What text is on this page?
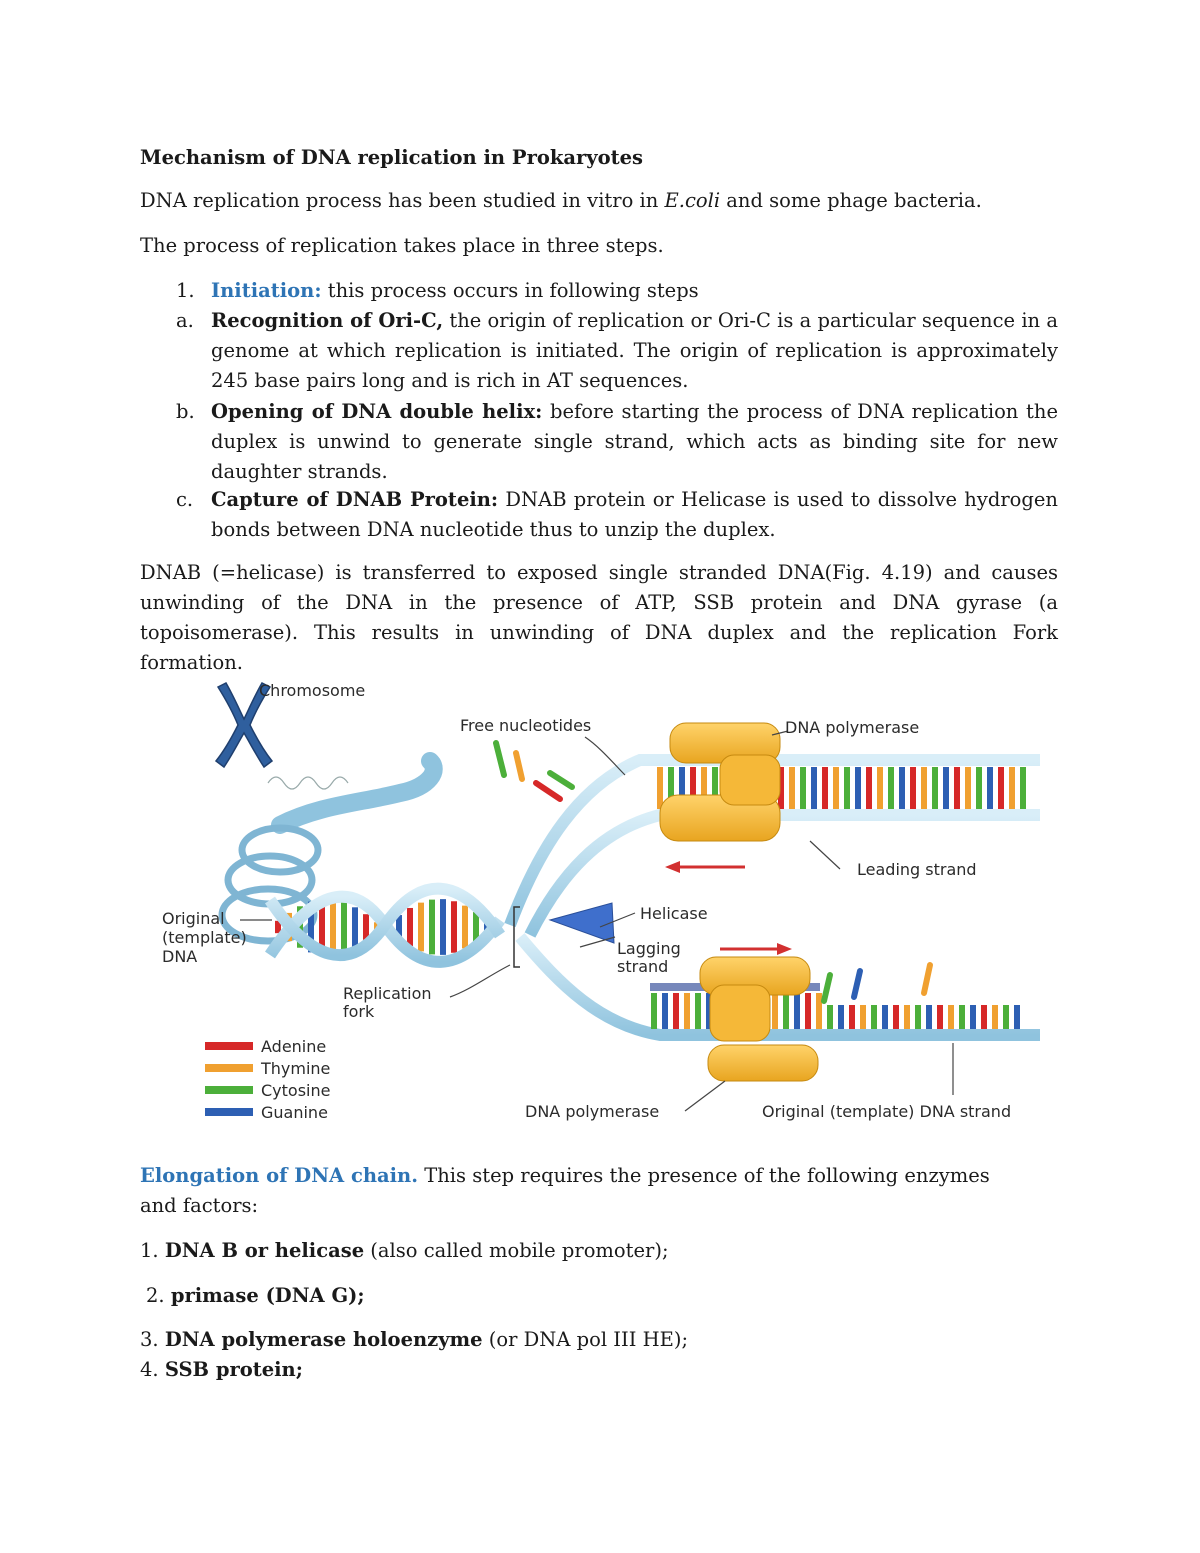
Mechanism of DNA replication in Prokaryotes
DNA replication process has been studied in vitro in E.coli and some phage bacteria.
The process of replication takes place in three steps.
1. Initiation: this process occurs in following steps
a. Recognition of Ori-C, the origin of replication or Ori-C is a particular sequence in a genome at which replication is initiated. The origin of replication is approximately 245 base pairs long and is rich in AT sequences.
b. Opening of DNA double helix: before starting the process of DNA replication the duplex is unwind to generate single strand, which acts as binding site for new daughter strands.
c. Capture of DNAB Protein: DNAB protein or Helicase is used to dissolve hydrogen bonds between DNA nucleotide thus to unzip the duplex.
DNAB (=helicase) is transferred to exposed single stranded DNA(Fig. 4.19) and causes unwinding of the DNA in the presence of ATP, SSB protein and DNA gyrase (a topoisomerase). This results in unwinding of DNA duplex and the replication Fork formation.
Chromosome
Free nucleotides	DNA polymerase
Leading strand
Original
(template)
DNA
Helicase
Lagging
strand
Replication
fork
DNA polymerase	Original (template) DNA strand
Adenine
Thymine
Cytosine
Guanine
Elongation of DNA chain. This step requires the presence of the following enzymes and factors:
1. DNA B or helicase (also called mobile promoter);
2. primase (DNA G);
3. DNA polymerase holoenzyme (or DNA pol III HE);
4. SSB protein;
